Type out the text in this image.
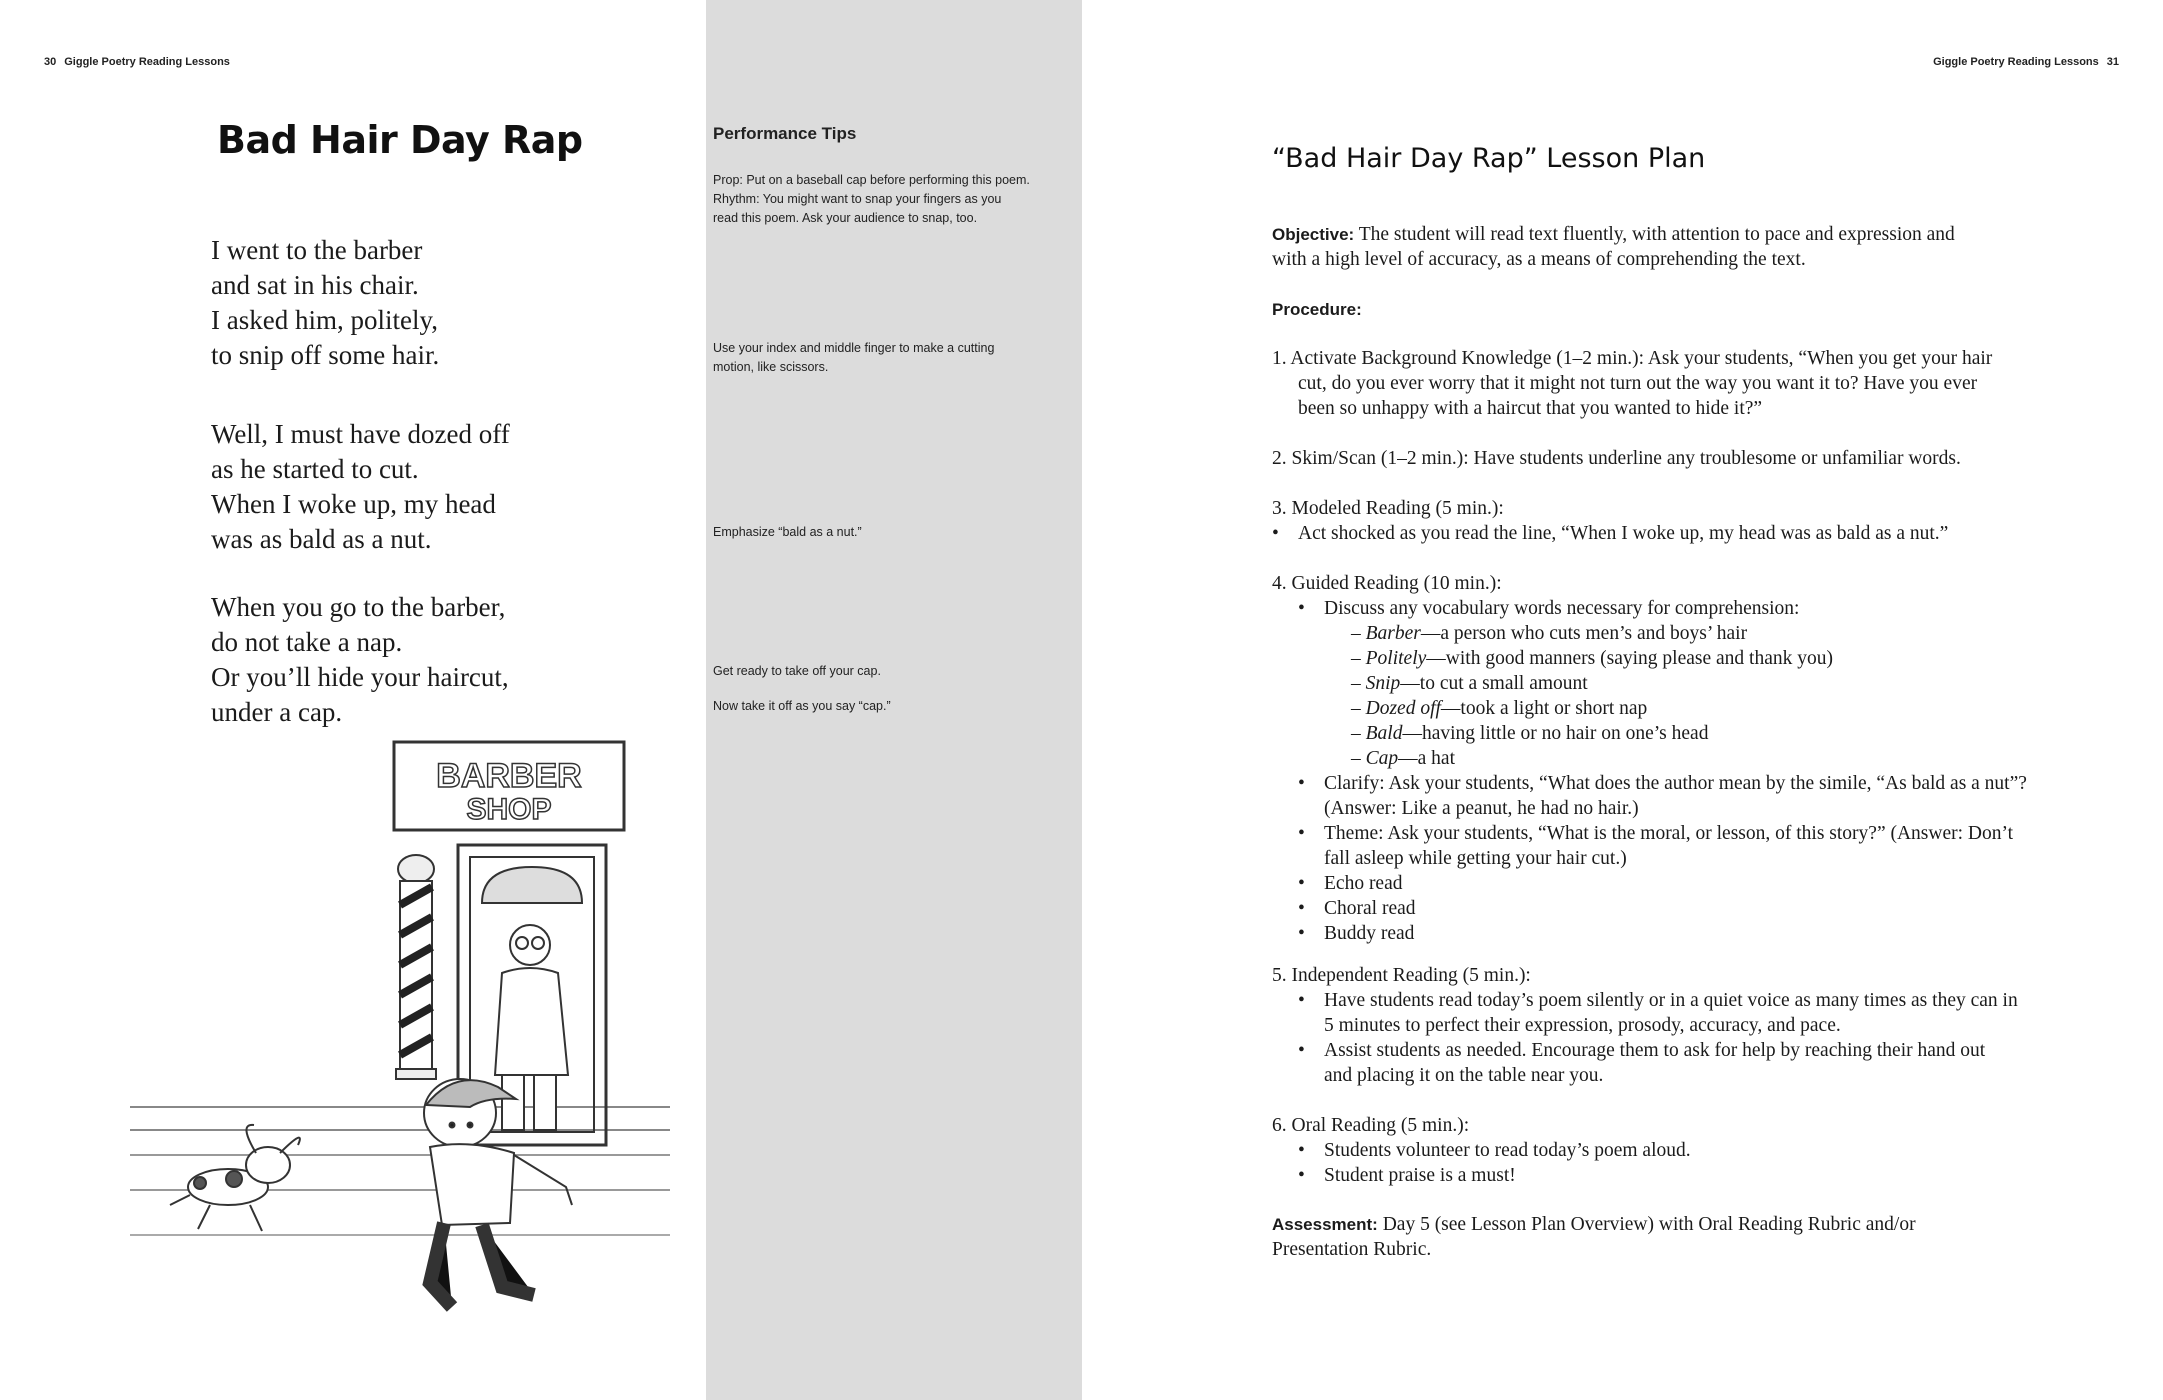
30 Giggle Poetry Reading Lessons
Bad Hair Day Rap
I went to the barber
and sat in his chair.
I asked him, politely,
to snip off some hair.
Well, I must have dozed off
as he started to cut.
When I woke up, my head
was as bald as a nut.
When you go to the barber,
do not take a nap.
Or you’ll hide your haircut,
under a cap.
BARBER
SHOP
Performance Tips
Prop: Put on a baseball cap before performing this poem.
Rhythm: You might want to snap your fingers as you
read this poem. Ask your audience to snap, too.
Use your index and middle finger to make a cutting
motion, like scissors.
Emphasize “bald as a nut.”
Get ready to take off your cap.
Now take it off as you say “cap.”
Giggle Poetry Reading Lessons 31
“Bad Hair Day Rap” Lesson Plan
Objective: The student will read text fluently, with attention to pace and expression and
with a high level of accuracy, as a means of comprehending the text.
Procedure:
1. Activate Background Knowledge (1–2 min.): Ask your students, “When you get your hair
cut, do you ever worry that it might not turn out the way you want it to? Have you ever
been so unhappy with a haircut that you wanted to hide it?”
2. Skim/Scan (1–2 min.): Have students underline any troublesome or unfamiliar words.
3. Modeled Reading (5 min.):
• Act shocked as you read the line, “When I woke up, my head was as bald as a nut.”
4. Guided Reading (10 min.):
• Discuss any vocabulary words necessary for comprehension:
– Barber—a person who cuts men’s and boys’ hair
– Politely—with good manners (saying please and thank you)
– Snip—to cut a small amount
– Dozed off—took a light or short nap
– Bald—having little or no hair on one’s head
– Cap—a hat
• Clarify: Ask your students, “What does the author mean by the simile, “As bald as a nut”?
(Answer: Like a peanut, he had no hair.)
• Theme: Ask your students, “What is the moral, or lesson, of this story?” (Answer: Don’t
fall asleep while getting your hair cut.)
• Echo read
• Choral read
• Buddy read
5. Independent Reading (5 min.):
• Have students read today’s poem silently or in a quiet voice as many times as they can in
5 minutes to perfect their expression, prosody, accuracy, and pace.
• Assist students as needed. Encourage them to ask for help by reaching their hand out
and placing it on the table near you.
6. Oral Reading (5 min.):
• Students volunteer to read today’s poem aloud.
• Student praise is a must!
Assessment: Day 5 (see Lesson Plan Overview) with Oral Reading Rubric and/or
Presentation Rubric.
